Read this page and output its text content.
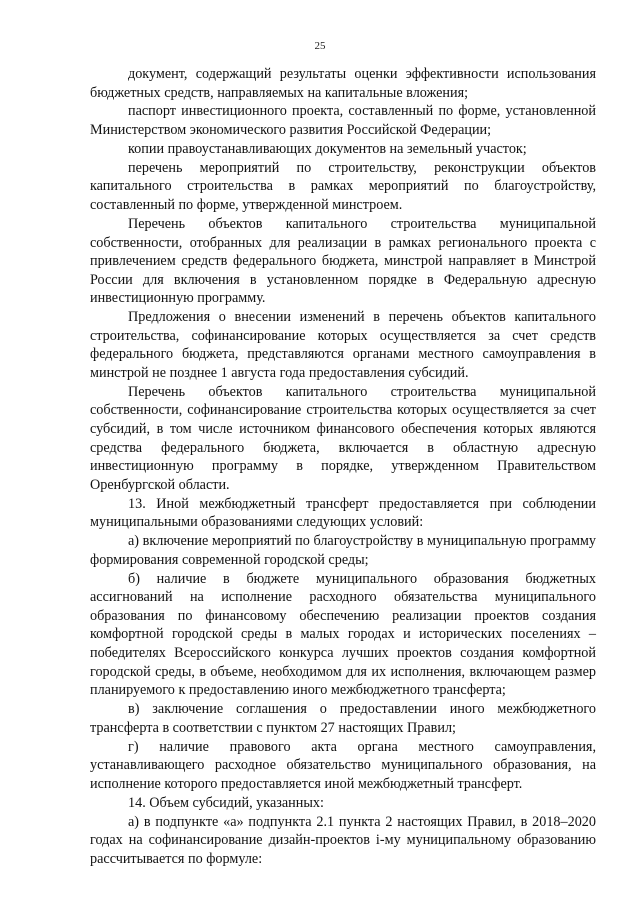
25

документ, содержащий результаты оценки эффективности использования бюджетных средств, направляемых на капитальные вложения;

паспорт инвестиционного проекта, составленный по форме, установленной Министерством экономического развития Российской Федерации;

копии правоустанавливающих документов на земельный участок;

перечень мероприятий по строительству, реконструкции объектов капитального строительства в рамках мероприятий по благоустройству, составленный по форме, утвержденной минстроем.

Перечень объектов капитального строительства муниципальной собственности, отобранных для реализации в рамках регионального проекта с привлечением средств федерального бюджета, минстрой направляет в Минстрой России для включения в установленном порядке в Федеральную адресную инвестиционную программу.

Предложения о внесении изменений в перечень объектов капитального строительства, софинансирование которых осуществляется за счет средств федерального бюджета, представляются органами местного самоуправления в минстрой не позднее 1 августа года предоставления субсидий.

Перечень объектов капитального строительства муниципальной собственности, софинансирование строительства которых осуществляется за счет субсидий, в том числе источником финансового обеспечения которых являются средства федерального бюджета, включается в областную адресную инвестиционную программу в порядке, утвержденном Правительством Оренбургской области.

13. Иной межбюджетный трансферт предоставляется при соблюдении муниципальными образованиями следующих условий:

а) включение мероприятий по благоустройству в муниципальную программу формирования современной городской среды;

б) наличие в бюджете муниципального образования бюджетных ассигнований на исполнение расходного обязательства муниципального образования по финансовому обеспечению реализации проектов создания комфортной городской среды в малых городах и исторических поселениях – победителях Всероссийского конкурса лучших проектов создания комфортной городской среды, в объеме, необходимом для их исполнения, включающем размер планируемого к предоставлению иного межбюджетного трансферта;

в) заключение соглашения о предоставлении иного межбюджетного трансферта в соответствии с пунктом 27 настоящих Правил;

г) наличие правового акта органа местного самоуправления, устанавливающего расходное обязательство муниципального образования, на исполнение которого предоставляется иной межбюджетный трансферт.

14. Объем субсидий, указанных:

а) в подпункте «а» подпункта 2.1 пункта 2 настоящих Правил, в 2018–2020 годах на софинансирование дизайн-проектов i-му муниципальному образованию рассчитывается по формуле:
